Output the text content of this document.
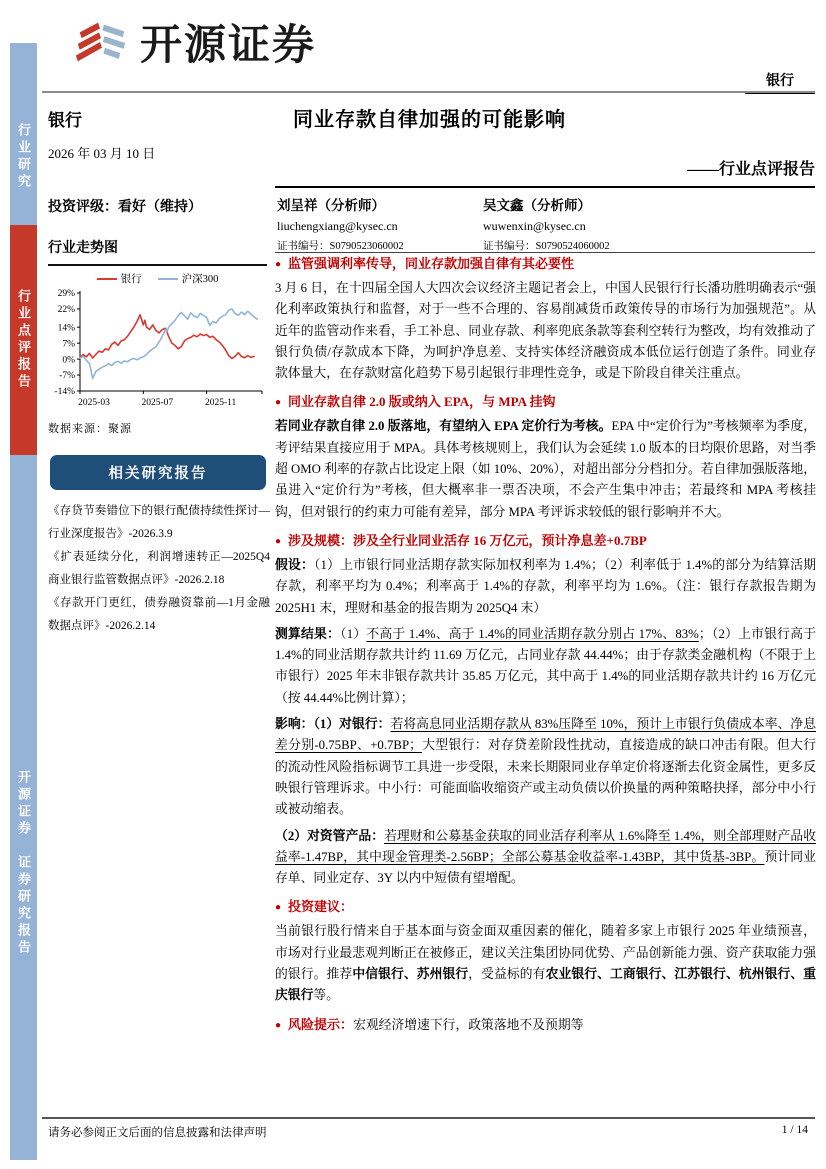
行业研究
行业点评报告
开源证券　证券研究报告
开源证券
银行
银行
2026 年 03 月 10 日
同业存款自律加强的可能影响
——行业点评报告
刘呈祥（分析师）
liuchengxiang@kysec.cn
证书编号：S0790523060002
吴文鑫（分析师）
wuwenxin@kysec.cn
证书编号：S0790524060002
投资评级：看好（维持）
行业走势图
银行	沪深300
29%
22%
14%
7%
0%
-7%
-14%
2025-03	2025-07	2025-11
数据来源：聚源
相关研究报告

《存贷节奏错位下的银行配债持续性探讨—行业深度报告》-2026.3.9

《扩表延续分化，利润增速转正—2025Q4 商业银行监管数据点评》-2026.2.18

《存款开门更红，债券融资靠前—1月金融数据点评》-2026.2.14

● 监管强调利率传导，同业存款加强自律有其必要性

3 月 6 日，在十四届全国人大四次会议经济主题记者会上，中国人民银行行长潘功胜明确表示“强化利率政策执行和监督，对于一些不合理的、容易削减货币政策传导的市场行为加强规范”。从近年的监管动作来看，手工补息、同业存款、利率兜底条款等套利空转行为整改，均有效推动了银行负债/存款成本下降，为呵护净息差、支持实体经济融资成本低位运行创造了条件。同业存款体量大，在存款财富化趋势下易引起银行非理性竞争，或是下阶段自律关注重点。

● 同业存款自律 2.0 版或纳入 EPA，与 MPA 挂钩

若同业存款自律 2.0 版落地，有望纳入 EPA 定价行为考核。EPA 中“定价行为”考核频率为季度，考评结果直接应用于 MPA。具体考核规则上，我们认为会延续 1.0 版本的日均限价思路，对当季超 OMO 利率的存款占比设定上限（如 10%、20%），对超出部分分档扣分。若自律加强版落地，虽进入“定价行为”考核，但大概率非一票否决项，不会产生集中冲击；若最终和 MPA 考核挂钩，但对银行的约束力可能有差异，部分 MPA 考评诉求较低的银行影响并不大。

● 涉及规模：涉及全行业同业活存 16 万亿元，预计净息差+0.7BP

假设：（1）上市银行同业活期存款实际加权利率为 1.4%；（2）利率低于 1.4%的部分为结算活期存款，利率平均为 0.4%；利率高于 1.4%的存款，利率平均为 1.6%。（注：银行存款报告期为 2025H1 末，理财和基金的报告期为 2025Q4 末）

测算结果：（1）不高于 1.4%、高于 1.4%的同业活期存款分别占 17%、83%；（2）上市银行高于 1.4%的同业活期存款共计约 11.69 万亿元，占同业存款 44.44%；由于存款类金融机构（不限于上市银行）2025 年末非银存款共计 35.85 万亿元，其中高于 1.4%的同业活期存款共计约 16 万亿元（按 44.44%比例计算）；

影响：（1）对银行：若将高息同业活期存款从 83%压降至 10%，预计上市银行负债成本率、净息差分别-0.75BP、+0.7BP；大型银行：对存贷差阶段性扰动，直接造成的缺口冲击有限。但大行的流动性风险指标调节工具进一步受限，未来长期限同业存单定价将逐渐去化资金属性，更多反映银行管理诉求。中小行：可能面临收缩资产或主动负债以价换量的两种策略抉择，部分中小行或被动缩表。

（2）对资管产品：若理财和公募基金获取的同业活存利率从 1.6%降至 1.4%，则全部理财产品收益率-1.47BP，其中现金管理类-2.56BP；全部公募基金收益率-1.43BP，其中货基-3BP。预计同业存单、同业定存、3Y 以内中短债有望增配。

● 投资建议：

当前银行股行情来自于基本面与资金面双重因素的催化，随着多家上市银行 2025 年业绩预喜，市场对行业最悲观判断正在被修正，建议关注集团协同优势、产品创新能力强、资产获取能力强的银行。推荐中信银行、苏州银行，受益标的有农业银行、工商银行、江苏银行、杭州银行、重庆银行等。

● 风险提示：宏观经济增速下行，政策落地不及预期等
请务必参阅正文后面的信息披露和法律声明	1 / 14
